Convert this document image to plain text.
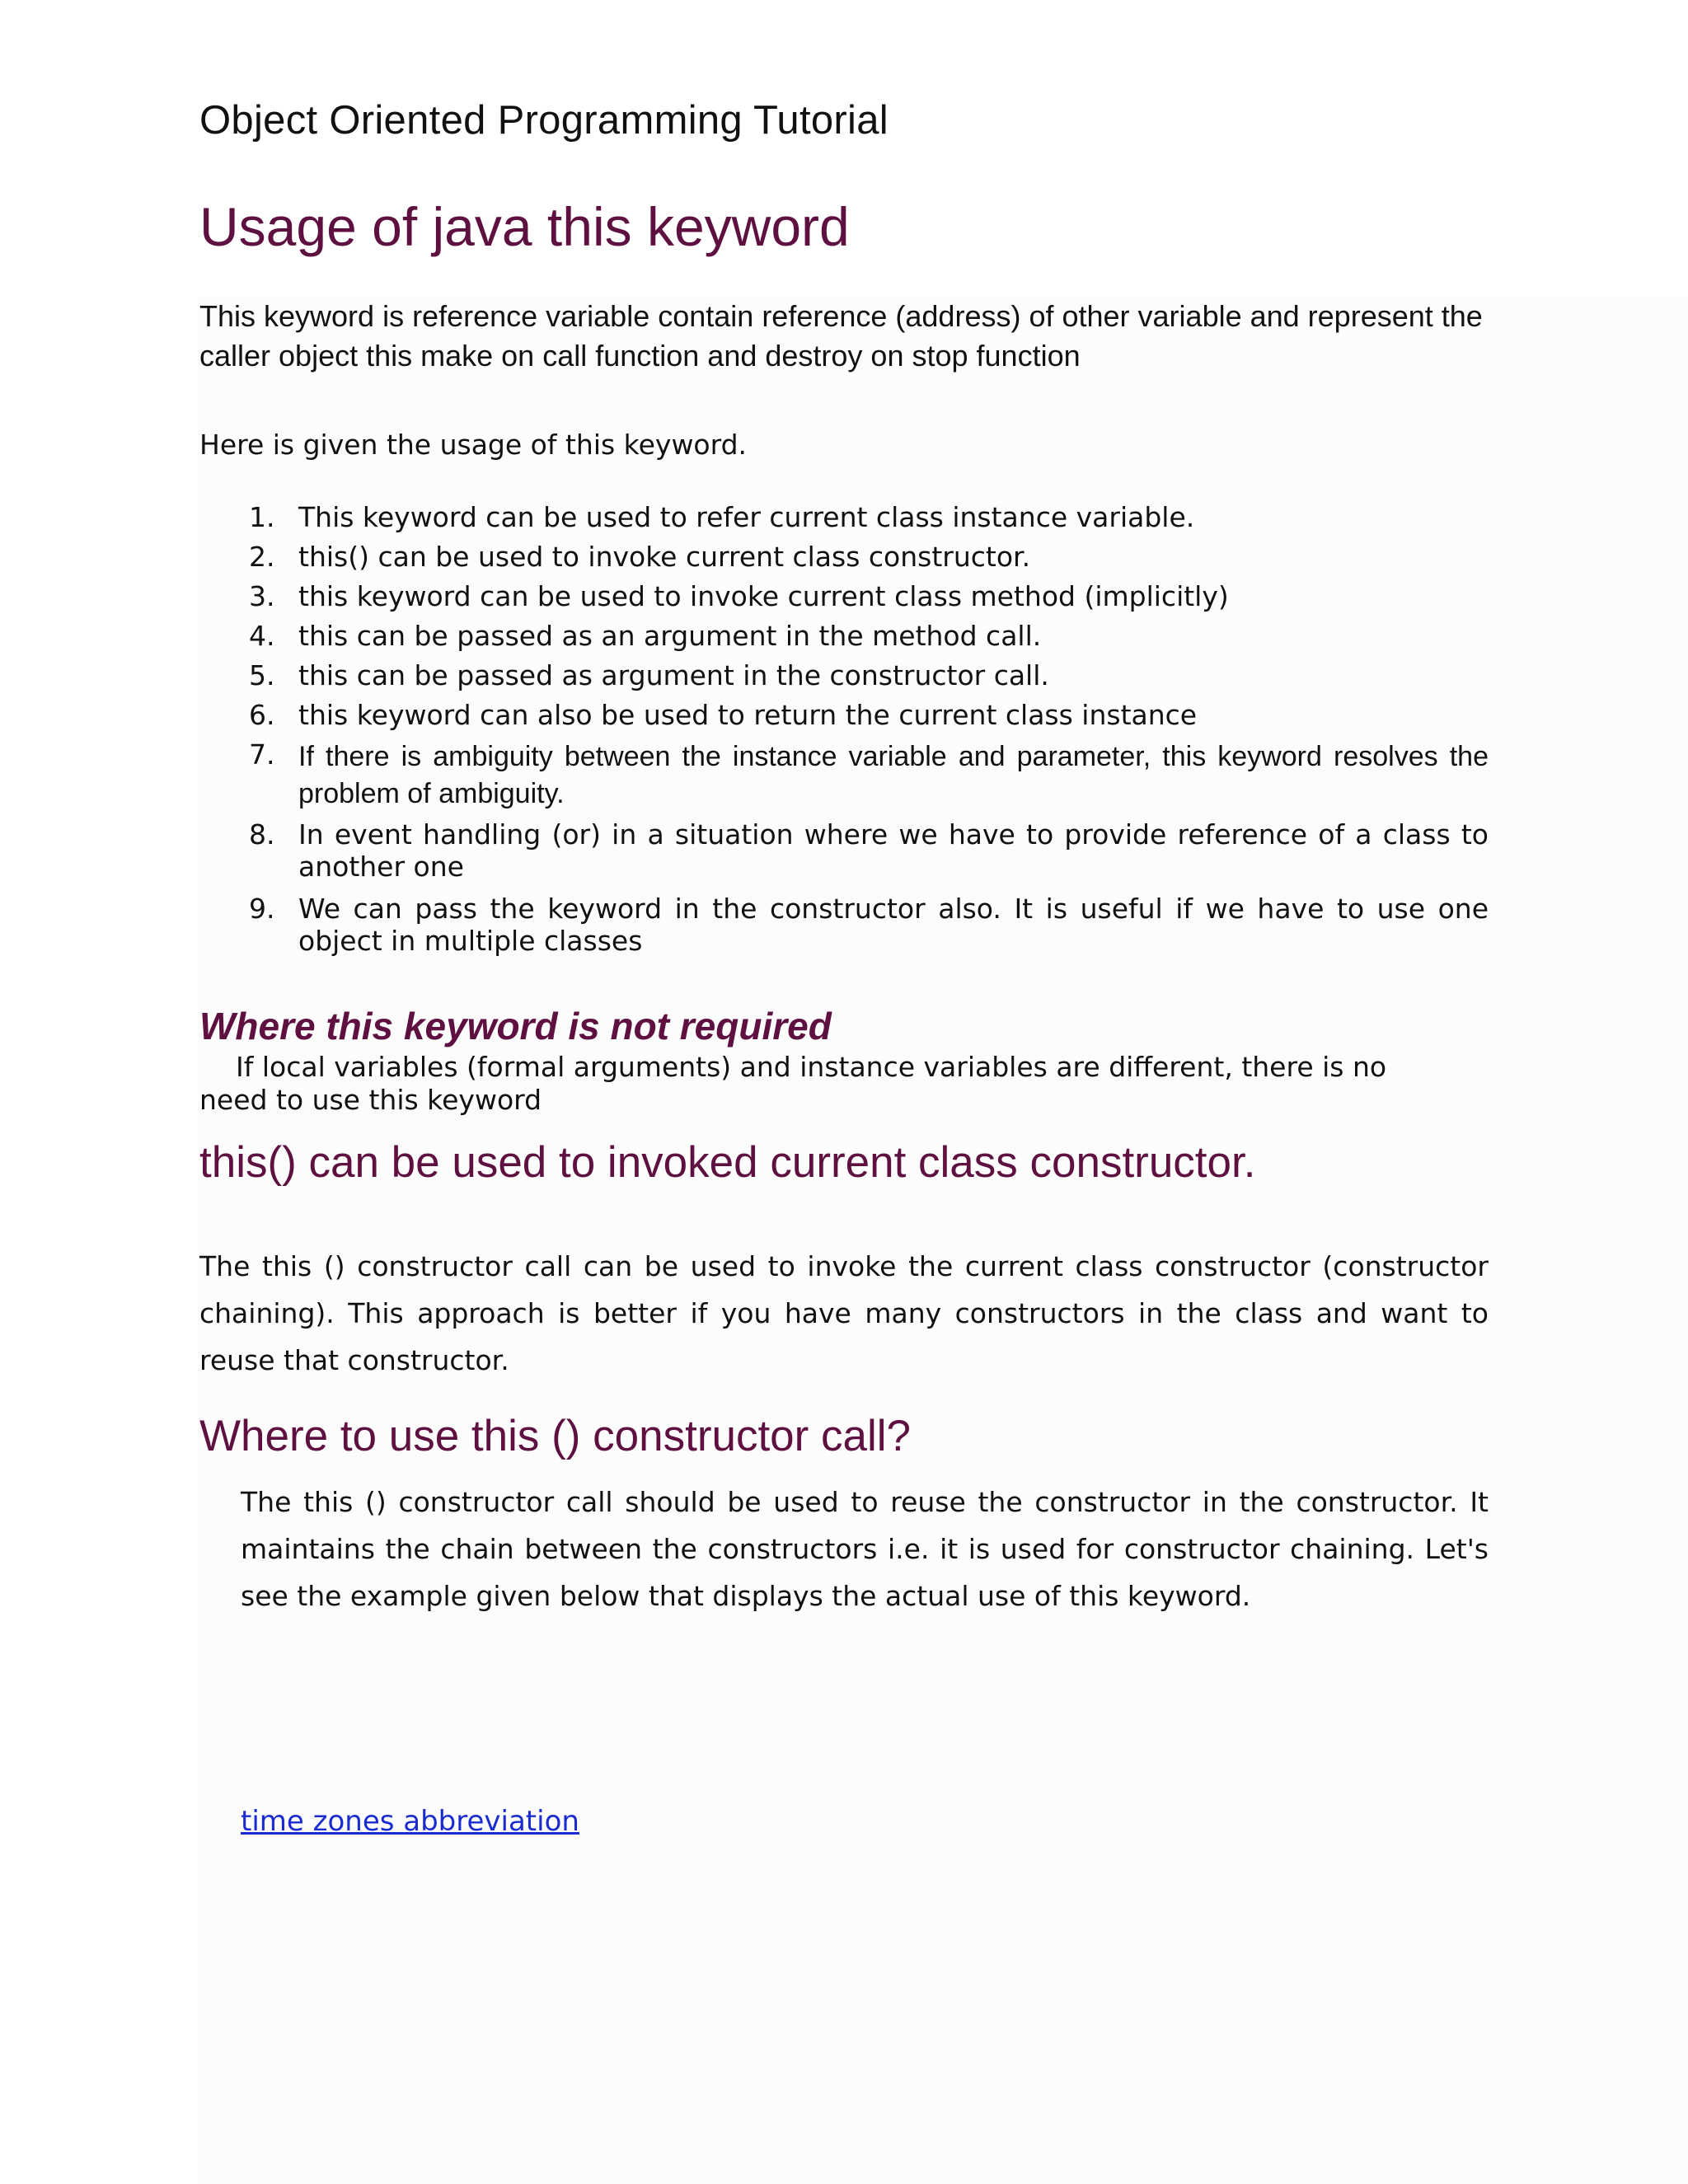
Object Oriented Programming Tutorial
Usage of java this keyword

This keyword is reference variable contain reference (address) of other variable and represent the caller object this make on call function and destroy on stop function

Here is given the usage of this keyword.

1. This keyword can be used to refer current class instance variable.
2. this() can be used to invoke current class constructor.
3. this keyword can be used to invoke current class method (implicitly)
4. this can be passed as an argument in the method call.
5. this can be passed as argument in the constructor call.
6. this keyword can also be used to return the current class instance
7. If there is ambiguity between the instance variable and parameter, this keyword resolves the problem of ambiguity.
8. In event handling (or) in a situation where we have to provide reference of a class to another one
9. We can pass the keyword in the constructor also. It is useful if we have to use one object in multiple classes
Where this keyword is not required

If local variables (formal arguments) and instance variables are different, there is no need to use this keyword

this() can be used to invoked current class constructor.

The this () constructor call can be used to invoke the current class constructor (constructor chaining). This approach is better if you have many constructors in the class and want to reuse that constructor.

Where to use this () constructor call?

The this () constructor call should be used to reuse the constructor in the constructor. It maintains the chain between the constructors i.e. it is used for constructor chaining. Let's see the example given below that displays the actual use of this keyword.

time zones abbreviation
